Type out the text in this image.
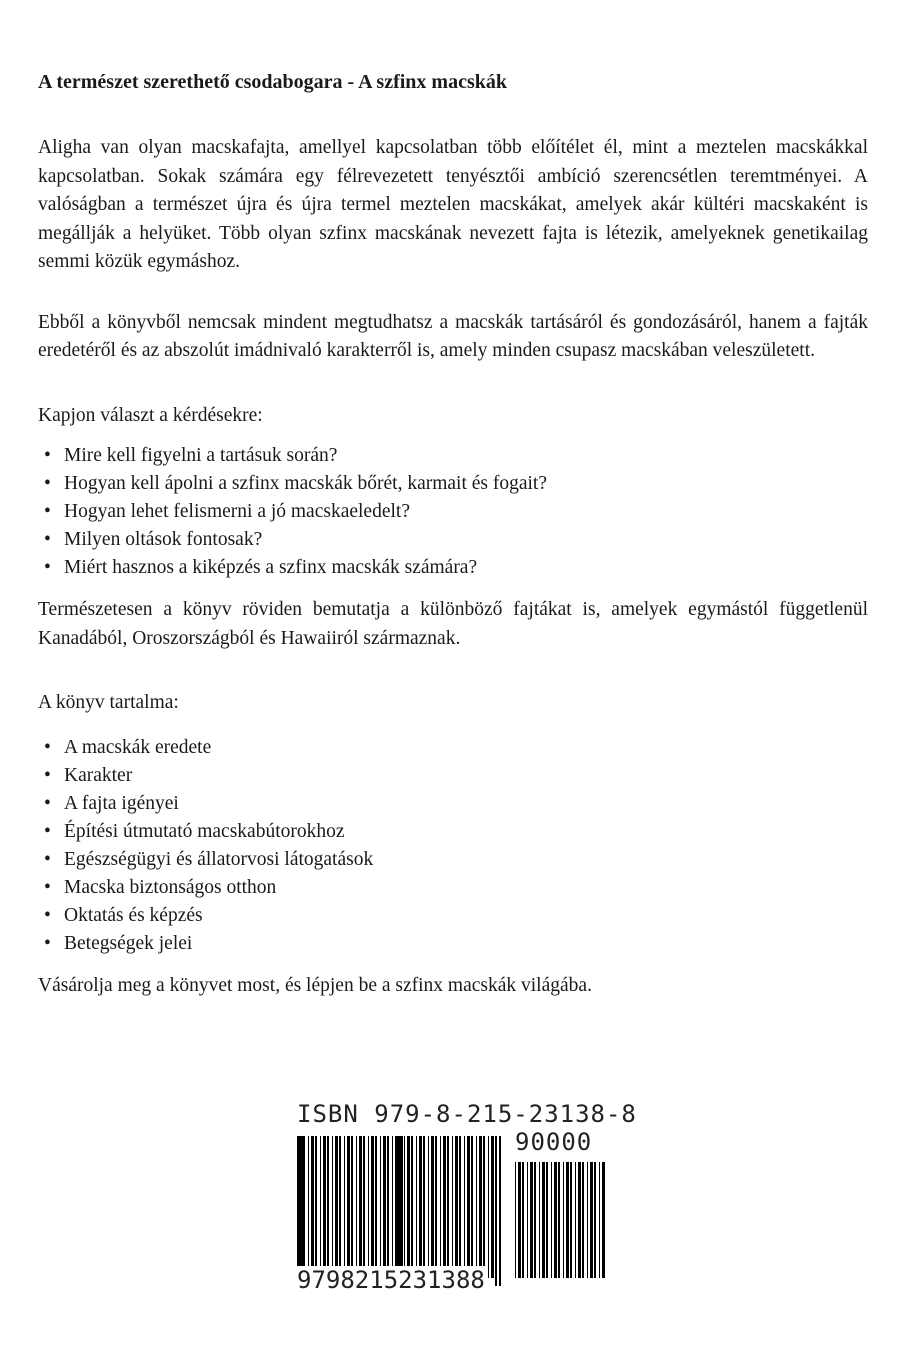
A természet szerethető csodabogara - A szfinx macskák

Aligha van olyan macskafajta, amellyel kapcsolatban több előítélet él, mint a meztelen macskákkal kapcsolatban. Sokak számára egy félrevezetett tenyésztői ambíció szerencsétlen teremtményei. A valóságban a természet újra és újra termel meztelen macskákat, amelyek akár kültéri macskaként is megállják a helyüket. Több olyan szfinx macskának nevezett fajta is létezik, amelyeknek genetikailag semmi közük egymáshoz.

Ebből a könyvből nemcsak mindent megtudhatsz a macskák tartásáról és gondozásáról, hanem a fajták eredetéről és az abszolút imádnivaló karakterről is, amely minden csupasz macskában veleszületett.

Kapjon választ a kérdésekre:

• Mire kell figyelni a tartásuk során?
• Hogyan kell ápolni a szfinx macskák bőrét, karmait és fogait?
• Hogyan lehet felismerni a jó macskaeledelt?
• Milyen oltások fontosak?
• Miért hasznos a kiképzés a szfinx macskák számára?

Természetesen a könyv röviden bemutatja a különböző fajtákat is, amelyek egymástól függetlenül Kanadából, Oroszországból és Hawaiiról származnak.

A könyv tartalma:

• A macskák eredete
• Karakter
• A fajta igényei
• Építési útmutató macskabútorokhoz
• Egészségügyi és állatorvosi látogatások
• Macska biztonságos otthon
• Oktatás és képzés
• Betegségek jelei

Vásárolja meg a könyvet most, és lépjen be a szfinx macskák világába.

ISBN 979-8-215-23138-8
90000
9798215231388
